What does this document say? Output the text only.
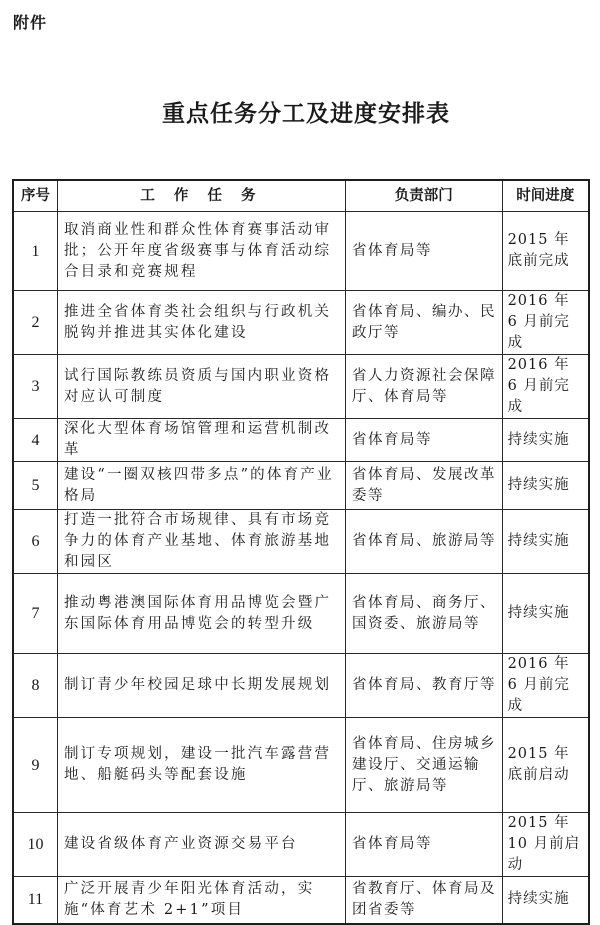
附件
重点任务分工及进度安排表
序号	工 作 任 务	负责部门	时间进度
1	取消商业性和群众性体育赛事活动审批；公开年度省级赛事与体育活动综合目录和竞赛规程	省体育局等	2015 年底前完成
2	推进全省体育类社会组织与行政机关脱钩并推进其实体化建设	省体育局、编办、民政厅等	2016 年 6 月前完成
3	试行国际教练员资质与国内职业资格对应认可制度	省人力资源社会保障厅、体育局等	2016 年 6 月前完成
4	深化大型体育场馆管理和运营机制改革	省体育局等	持续实施
5	建设“一圈双核四带多点”的体育产业格局	省体育局、发展改革委等	持续实施
6	打造一批符合市场规律、具有市场竞争力的体育产业基地、体育旅游基地和园区	省体育局、旅游局等	持续实施
7	推动粤港澳国际体育用品博览会暨广东国际体育用品博览会的转型升级	省体育局、商务厅、国资委、旅游局等	持续实施
8	制订青少年校园足球中长期发展规划	省体育局、教育厅等	2016 年 6 月前完成
9	制订专项规划，建设一批汽车露营营地、船艇码头等配套设施	省体育局、住房城乡建设厅、交通运输厅、旅游局等	2015 年底前启动
10	建设省级体育产业资源交易平台	省体育局等	2015 年 10 月前启动
11	广泛开展青少年阳光体育活动，实施“体育艺术 2+1”项目	省教育厅、体育局及团省委等	持续实施
